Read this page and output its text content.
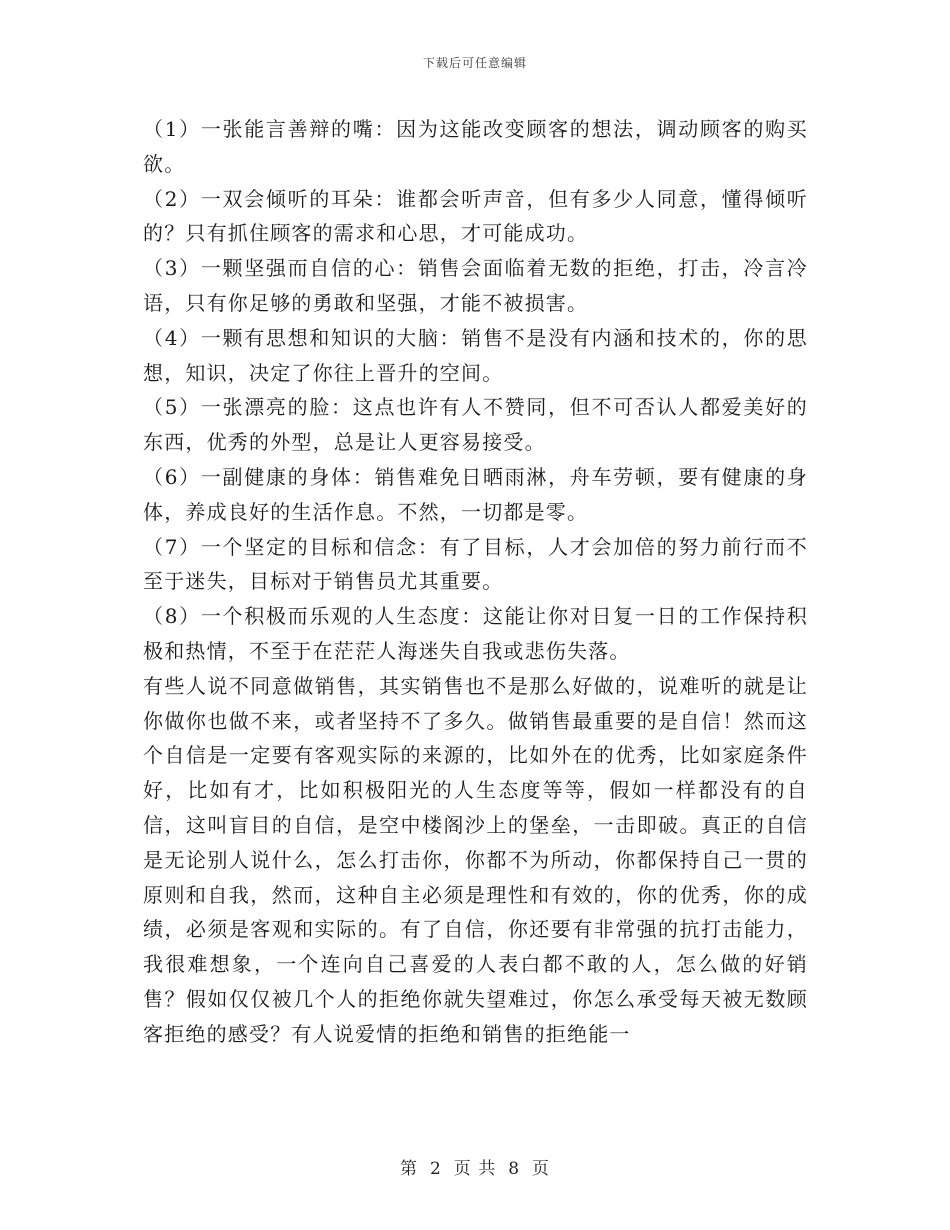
下载后可任意编辑

（1）一张能言善辩的嘴：因为这能改变顾客的想法，调动顾客的购买欲。

（2）一双会倾听的耳朵：谁都会听声音，但有多少人同意，懂得倾听的？只有抓住顾客的需求和心思，才可能成功。

（3）一颗坚强而自信的心：销售会面临着无数的拒绝，打击，冷言冷语，只有你足够的勇敢和坚强，才能不被损害。

（4）一颗有思想和知识的大脑：销售不是没有内涵和技术的，你的思想，知识，决定了你往上晋升的空间。

（5）一张漂亮的脸：这点也许有人不赞同，但不可否认人都爱美好的东西，优秀的外型，总是让人更容易接受。

（6）一副健康的身体：销售难免日晒雨淋，舟车劳顿，要有健康的身体，养成良好的生活作息。不然，一切都是零。

（7）一个坚定的目标和信念：有了目标，人才会加倍的努力前行而不至于迷失，目标对于销售员尤其重要。

（8）一个积极而乐观的人生态度：这能让你对日复一日的工作保持积极和热情，不至于在茫茫人海迷失自我或悲伤失落。

有些人说不同意做销售，其实销售也不是那么好做的，说难听的就是让你做你也做不来，或者坚持不了多久。做销售最重要的是自信！然而这个自信是一定要有客观实际的来源的，比如外在的优秀，比如家庭条件好，比如有才，比如积极阳光的人生态度等等，假如一样都没有的自信，这叫盲目的自信，是空中楼阁沙上的堡垒，一击即破。真正的自信是无论别人说什么，怎么打击你，你都不为所动，你都保持自己一贯的原则和自我，然而，这种自主必须是理性和有效的，你的优秀，你的成绩，必须是客观和实际的。有了自信，你还要有非常强的抗打击能力，我很难想象，一个连向自己喜爱的人表白都不敢的人，怎么做的好销售？假如仅仅被几个人的拒绝你就失望难过，你怎么承受每天被无数顾客拒绝的感受？有人说爱情的拒绝和销售的拒绝能一

第 2 页 共 8 页
